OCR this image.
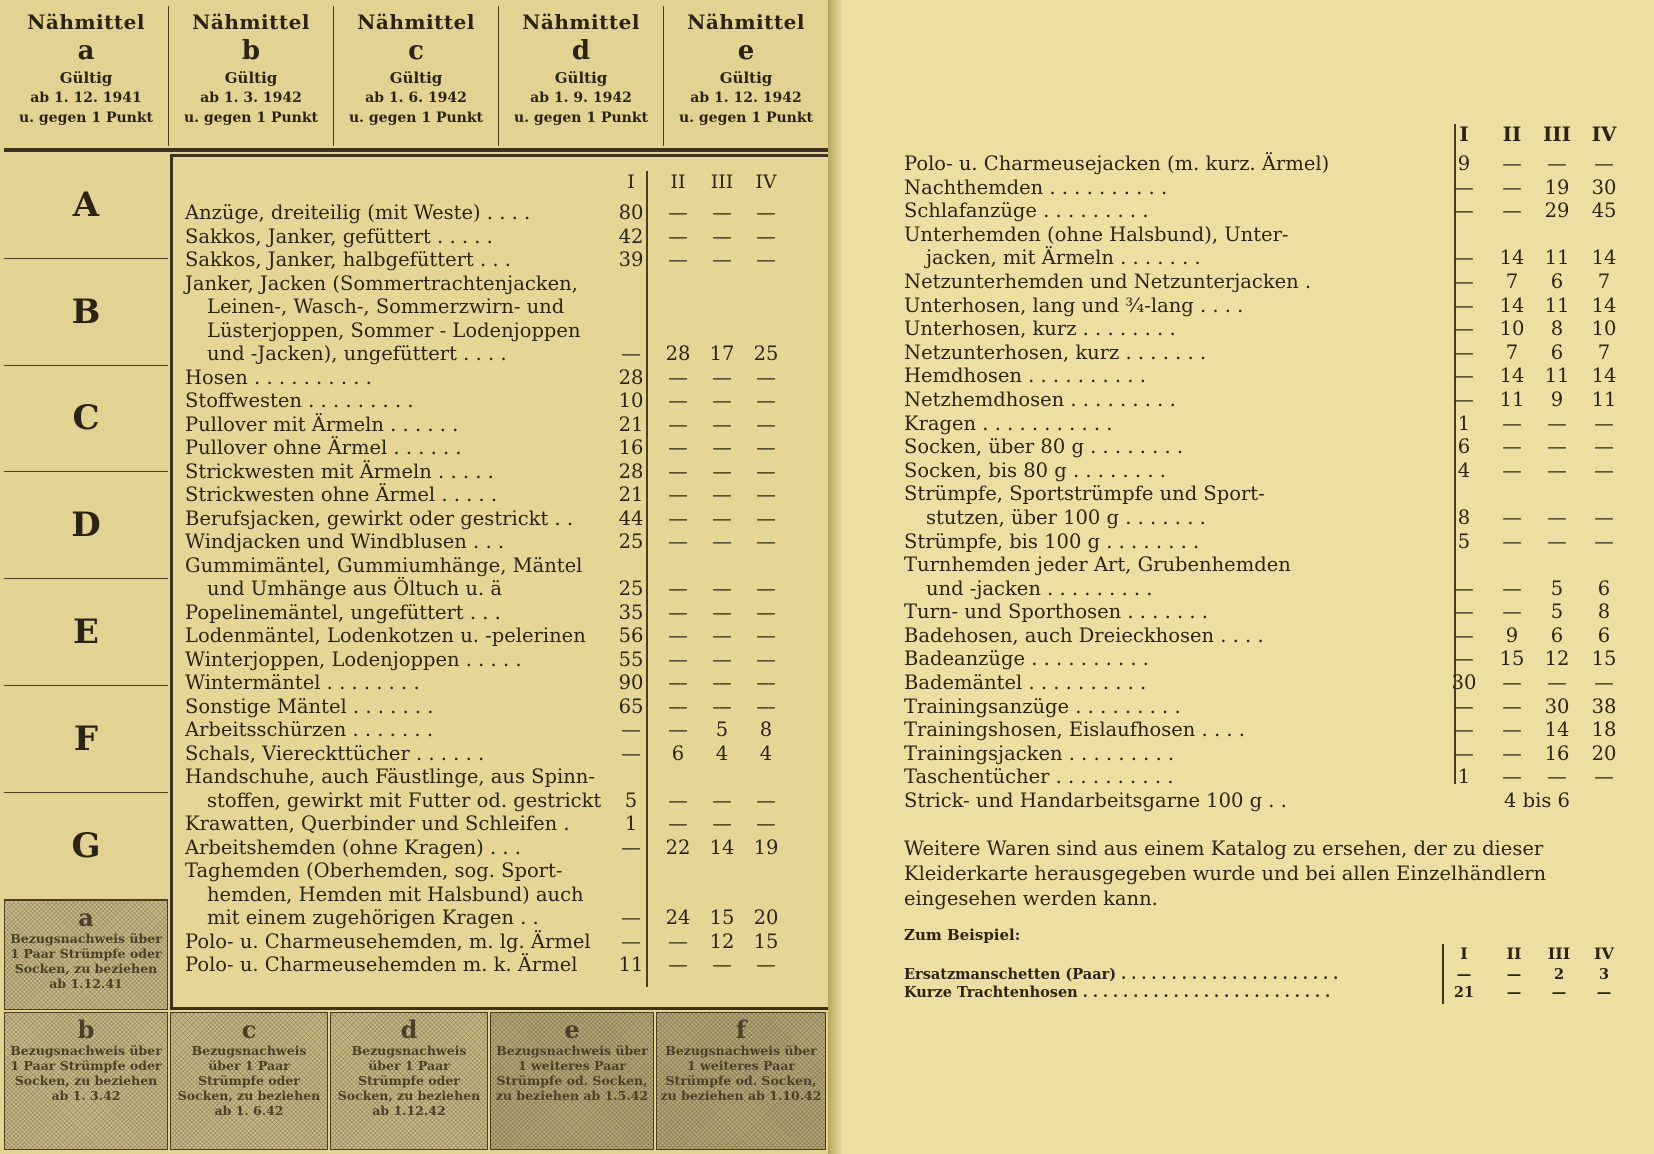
Nähmittel
a
Gültig
ab 1. 12. 1941
u. gegen 1 Punkt
Nähmittel
b
Gültig
ab 1. 3. 1942
u. gegen 1 Punkt
Nähmittel
c
Gültig
ab 1. 6. 1942
u. gegen 1 Punkt
Nähmittel
d
Gültig
ab 1. 9. 1942
u. gegen 1 Punkt
Nähmittel
e
Gültig
ab 1. 12. 1942
u. gegen 1 Punkt
A
B
C
D
E
F
G
I	II	III	IV
Anzüge, dreiteilig (mit Weste) . . . .	80	—	—	—
Sakkos, Janker, gefüttert . . . . .	42	—	—	—
Sakkos, Janker, halbgefüttert . . .	39	—	—	—
Janker, Jacken (Sommertrachtenjacken,
Leinen-, Wasch-, Sommerzwirn- und
Lüsterjoppen, Sommer - Lodenjoppen
und -Jacken), ungefüttert . . . .	—	28 17 25
Hosen . . . . . . . . . .	28	—	—	—
Stoffwesten . . . . . . . . .	10	—	—	—
Pullover mit Ärmeln . . . . . .	21	—	—	—
Pullover ohne Ärmel . . . . . .	16	—	—	—
Strickwesten mit Ärmeln . . . . .	28	—	—	—
Strickwesten ohne Ärmel . . . . .	21	—	—	—
Berufsjacken, gewirkt oder gestrickt . .	44	—	—	—
Windjacken und Windblusen . . .	25	—	—	—
Gummimäntel, Gummiumhänge, Mäntel
und Umhänge aus Öltuch u. ä	25	—	—	—
Popelinemäntel, ungefüttert . . .	35	—	—	—
Lodenmäntel, Lodenkotzen u. -pelerinen	56	—	—	—
Winterjoppen, Lodenjoppen . . . . .	55	—	—	—
Wintermäntel . . . . . . . .	90	—	—	—
Sonstige Mäntel . . . . . . .	65	—	—	—
Arbeitsschürzen . . . . . . .	—	—	5	8
Schals, Viereckttücher . . . . . .	—	6	4	4
Handschuhe, auch Fäustlinge, aus Spinn-
stoffen, gewirkt mit Futter od. gestrickt	5	—	—	—
Krawatten, Querbinder und Schleifen .	1	—	—	—
Arbeitshemden (ohne Kragen) . . .	—	22 14 19
Taghemden (Oberhemden, sog. Sport-
hemden, Hemden mit Halsbund) auch
mit einem zugehörigen Kragen . .	—	24 15 20
Polo- u. Charmeusehemden, m. lg. Ärmel	—	—	12 15
Polo- u. Charmeusehemden m. k. Ärmel	11	—	—	—
a
Bezugsnachweis über 1 Paar Strümpfe oder Socken, zu beziehen ab 1.12.41
b
Bezugsnachweis über 1 Paar Strümpfe oder Socken, zu beziehen ab 1. 3.42
c
Bezugsnachweis über 1 Paar Strümpfe oder Socken, zu beziehen ab 1. 6.42
d
Bezugsnachweis über 1 Paar Strümpfe oder Socken, zu beziehen ab 1.12.42
e
Bezugsnachweis über 1 weiteres Paar Strümpfe od. Socken, zu beziehen ab 1.5.42
f
Bezugsnachweis über 1 weiteres Paar Strümpfe od. Socken, zu beziehen ab 1.10.42
I	II	III	IV
Polo- u. Charmeusejacken (m. kurz. Ärmel)	9	—	—	—
Nachthemden . . . . . . . . . .	—	—	19	30
Schlafanzüge . . . . . . . . .	—	—	29	45
Unterhemden (ohne Halsbund), Unter-
jacken, mit Ärmeln . . . . . . .	—	14	11	14
Netzunterhemden und Netzunterjacken .	—	7	6	7
Unterhosen, lang und ¾-lang . . . .	—	14	11	14
Unterhosen, kurz . . . . . . . .	—	10	8	10
Netzunterhosen, kurz . . . . . . .	—	7	6	7
Hemdhosen . . . . . . . . . .	—	14	11	14
Netzhemdhosen . . . . . . . . .	—	11	9	11
Kragen . . . . . . . . . . .	1	—	—	—
Socken, über 80 g . . . . . . . .	6	—	—	—
Socken, bis 80 g . . . . . . . .	4	—	—	—
Strümpfe, Sportstrümpfe und Sport-
stutzen, über 100 g . . . . . . .	8	—	—	—
Strümpfe, bis 100 g . . . . . . . .	5	—	—	—
Turnhemden jeder Art, Grubenhemden
und -jacken . . . . . . . . .	—	—	5	6
Turn- und Sporthosen . . . . . . .	—	—	5	8
Badehosen, auch Dreieckhosen . . . .	—	9	6	6
Badeanzüge . . . . . . . . . .	—	15	12	15
Bademäntel . . . . . . . . . .	30	—	—	—
Trainingsanzüge . . . . . . . . .	—	—	30	38
Trainingshosen, Eislaufhosen . . . .	—	—	14	18
Trainingsjacken . . . . . . . . .	—	—	16	20
Taschentücher . . . . . . . . . .	1	—	—	—
Strick- und Handarbeitsgarne 100 g . .	4 bis 6
Weitere Waren sind aus einem Katalog zu ersehen, der zu dieser Kleiderkarte herausgegeben wurde und bei allen Einzelhändlern eingesehen werden kann.
Zum Beispiel:
I	II	III	IV
Ersatzmanschetten (Paar) . . . . . . . . . . . . . . . . . . . . . .	—	—	2	3
Kurze Trachtenhosen . . . . . . . . . . . . . . . . . . . . . . . . .	21	—	—	—
